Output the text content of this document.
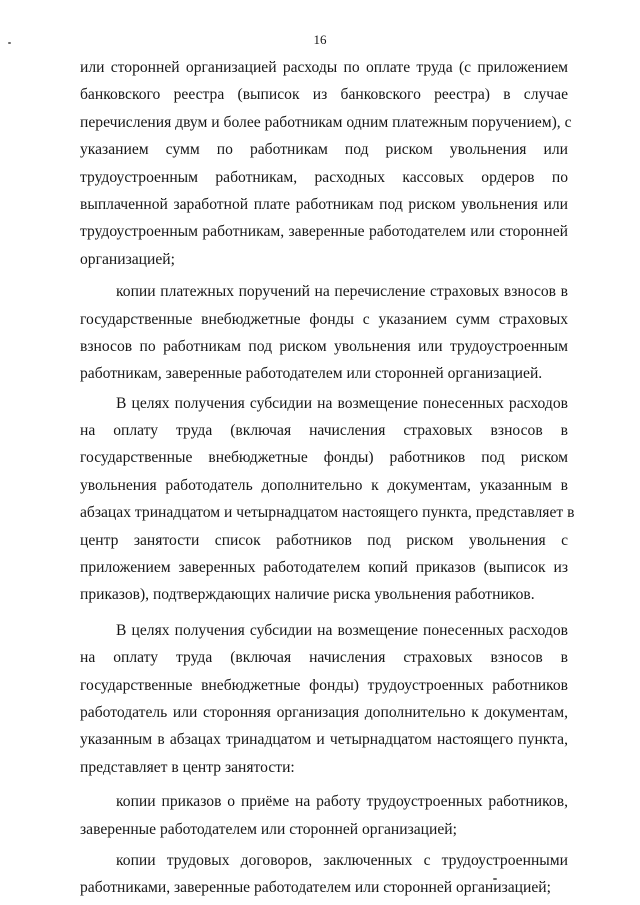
16
или сторонней организацией расходы по оплате труда (с приложением
банковского реестра (выписок из банковского реестра) в случае
перечисления двум и более работникам одним платежным поручением), с
указанием сумм по работникам под риском увольнения или
трудоустроенным работникам, расходных кассовых ордеров по
выплаченной заработной плате работникам под риском увольнения или
трудоустроенным работникам, заверенные работодателем или сторонней
организацией;
копии платежных поручений на перечисление страховых взносов в
государственные внебюджетные фонды с указанием сумм страховых
взносов по работникам под риском увольнения или трудоустроенным
работникам, заверенные работодателем или сторонней организацией.
В целях получения субсидии на возмещение понесенных расходов
на оплату труда (включая начисления страховых взносов в
государственные внебюджетные фонды) работников под риском
увольнения работодатель дополнительно к документам, указанным в
абзацах тринадцатом и четырнадцатом настоящего пункта, представляет в
центр занятости список работников под риском увольнения с
приложением заверенных работодателем копий приказов (выписок из
приказов), подтверждающих наличие риска увольнения работников.
В целях получения субсидии на возмещение понесенных расходов
на оплату труда (включая начисления страховых взносов в
государственные внебюджетные фонды) трудоустроенных работников
работодатель или сторонняя организация дополнительно к документам,
указанным в абзацах тринадцатом и четырнадцатом настоящего пункта,
представляет в центр занятости:
копии приказов о приёме на работу трудоустроенных работников,
заверенные работодателем или сторонней организацией;
копии трудовых договоров, заключенных с трудоустроенными
работниками, заверенные работодателем или сторонней организацией;
